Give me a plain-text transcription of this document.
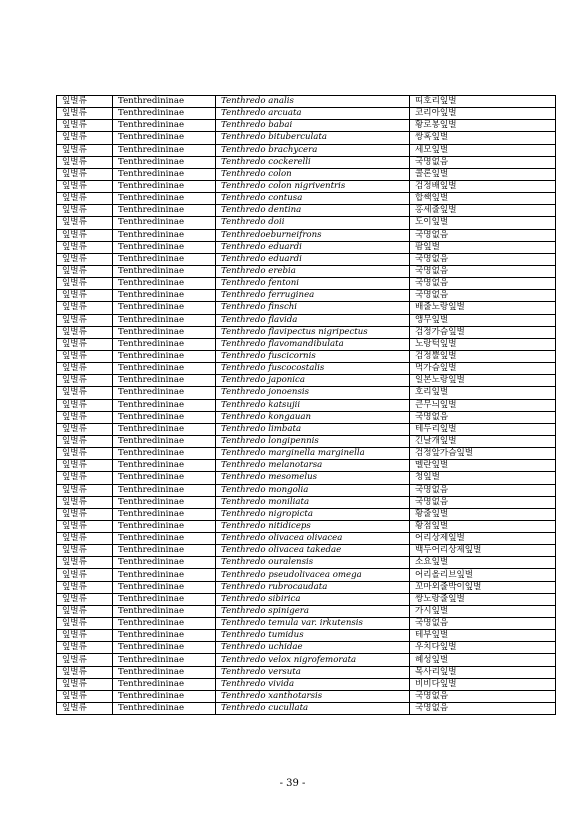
잎벌류	Tenthredininae	Tenthredo analis	띠호리잎벌
잎벌류	Tenthredininae	Tenthredo arcuata	코리아잎벌
잎벌류	Tenthredininae	Tenthredo babai	황로봉잎벌
잎벌류	Tenthredininae	Tenthredo bituberculata	쌍혹잎벌
잎벌류	Tenthredininae	Tenthredo brachycera	세모잎벌
잎벌류	Tenthredininae	Tenthredo cockerelli	국명없음
잎벌류	Tenthredininae	Tenthredo colon	콜론잎벌
잎벌류	Tenthredininae	Tenthredo colon nigriventris	검정배잎벌
잎벌류	Tenthredininae	Tenthredo contusa	합쌕잎벌
잎벌류	Tenthredininae	Tenthredo dentina	홍세줄잎벌
잎벌류	Tenthredininae	Tenthredo doii	도이잎벌
잎벌류	Tenthredininae	Tenthredoeburneifrons	국명없음
잎벌류	Tenthredininae	Tenthredo eduardi	팜잎벌
잎벌류	Tenthredininae	Tenthredo eduardi	국명없음
잎벌류	Tenthredininae	Tenthredo erebia	국명없음
잎벌류	Tenthredininae	Tenthredo fentoni	국명없음
잎벌류	Tenthredininae	Tenthredo ferruginea	국명없음
잎벌류	Tenthredininae	Tenthredo finschi	배줄노랑잎벌
잎벌류	Tenthredininae	Tenthredo flavida	앵무잎벌
잎벌류	Tenthredininae	Tenthredo flavipectus nigripectus	검정가슴잎벌
잎벌류	Tenthredininae	Tenthredo flavomandibulata	노랑턱잎벌
잎벌류	Tenthredininae	Tenthredo fuscicornis	검정뿔잎벌
잎벌류	Tenthredininae	Tenthredo fuscocostalis	먹가슴잎벌
잎벌류	Tenthredininae	Tenthredo japonica	일본노랑잎벌
잎벌류	Tenthredininae	Tenthredo jonoensis	호리잎벌
잎벌류	Tenthredininae	Tenthredo katsujii	큰무늬잎벌
잎벌류	Tenthredininae	Tenthredo kongauan	국명없음
잎벌류	Tenthredininae	Tenthredo limbata	테두리잎벌
잎벌류	Tenthredininae	Tenthredo longipennis	긴날개잎벌
잎벌류	Tenthredininae	Tenthredo marginella marginella	검정앞가슴잎벌
잎벌류	Tenthredininae	Tenthredo melanotarsa	멜란잎벌
잎벌류	Tenthredininae	Tenthredo mesomelus	청잎벌
잎벌류	Tenthredininae	Tenthredo mongolia	국명없음
잎벌류	Tenthredininae	Tenthredo moniliata	국명없음
잎벌류	Tenthredininae	Tenthredo nigropicta	황줄잎벌
잎벌류	Tenthredininae	Tenthredo nitidiceps	황점잎벌
잎벌류	Tenthredininae	Tenthredo olivacea olivacea	어리상제잎벌
잎벌류	Tenthredininae	Tenthredo olivacea takedae	백두어리상제잎벌
잎벌류	Tenthredininae	Tenthredo ouralensis	소요잎벌
잎벌류	Tenthredininae	Tenthredo pseudolivacea omega	어리올리브잎벌
잎벌류	Tenthredininae	Tenthredo rubrocaudata	꼬마외줄박이잎벌
잎벌류	Tenthredininae	Tenthredo sibirica	쌍노랑줄잎벌
잎벌류	Tenthredininae	Tenthredo spinigera	가시잎벌
잎벌류	Tenthredininae	Tenthredo temula var. irkutensis	국명없음
잎벌류	Tenthredininae	Tenthredo tumidus	테부잎벌
잎벌류	Tenthredininae	Tenthredo uchidae	우치다잎벌
잎벌류	Tenthredininae	Tenthredo velox nigrofemorata	혜성잎벌
잎벌류	Tenthredininae	Tenthredo versuta	목사리잎벌
잎벌류	Tenthredininae	Tenthredo vivida	비비다잎벌
잎벌류	Tenthredininae	Tenthredo xanthotarsis	국명없음
잎벌류	Tenthredininae	Tenthredo cucullata	국명없음
- 39 -
